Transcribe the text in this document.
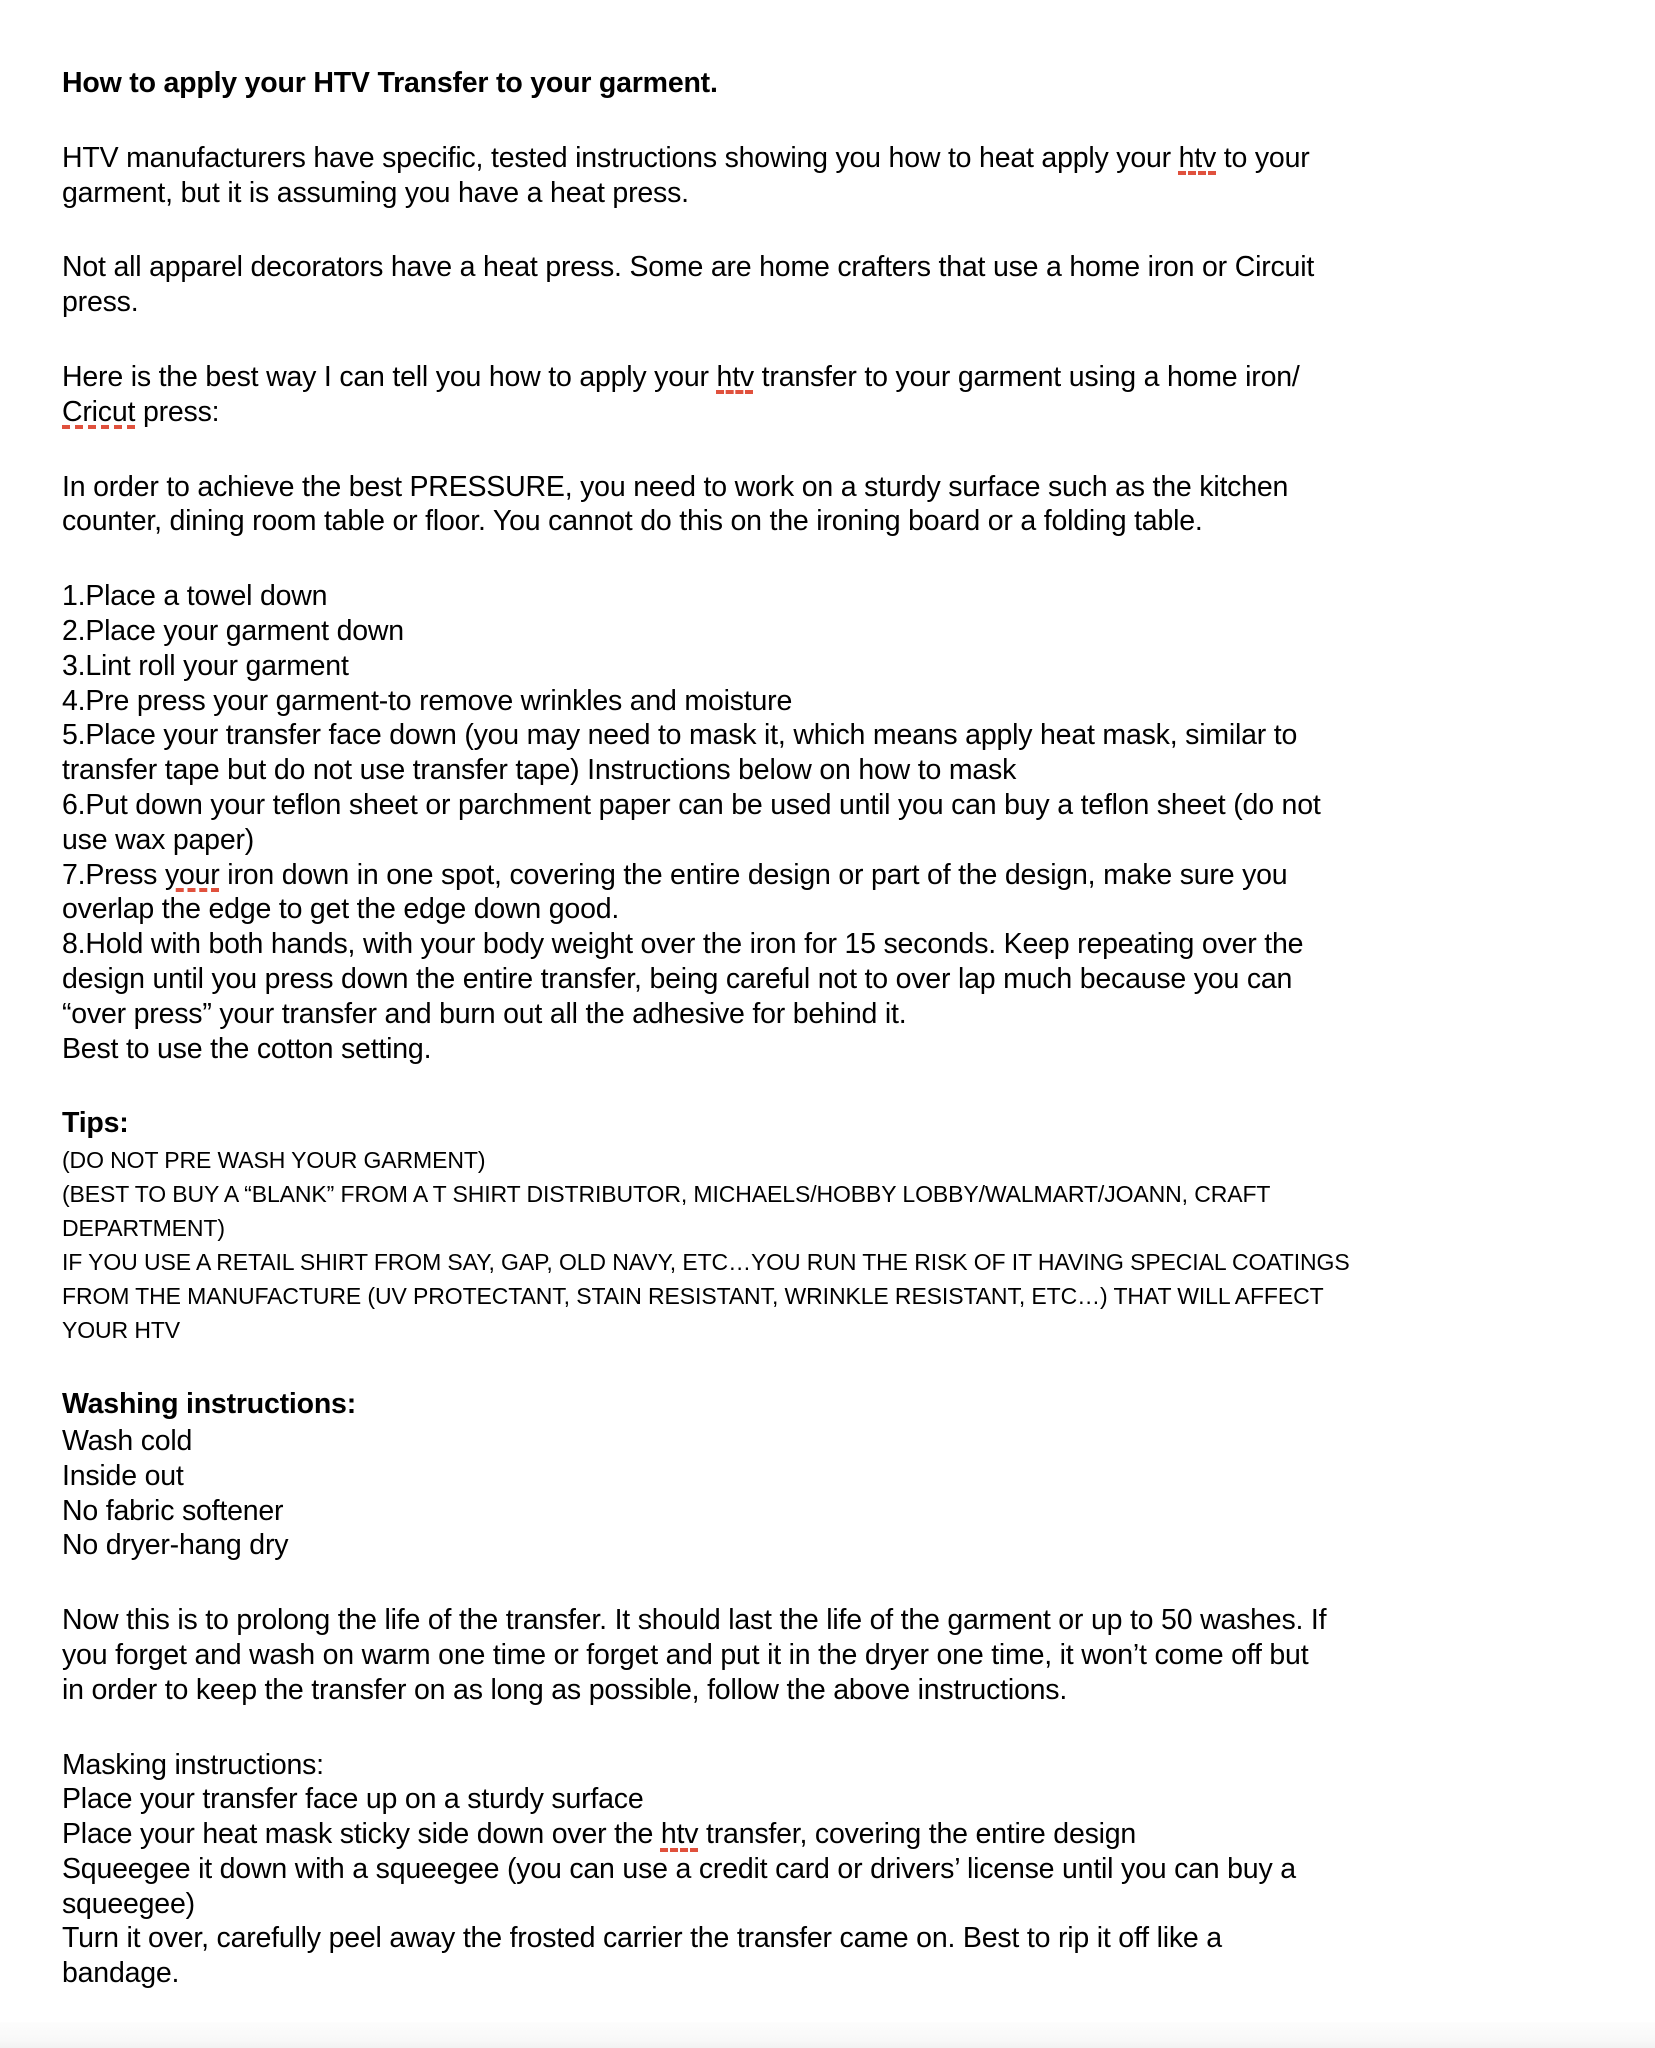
How to apply your HTV Transfer to your garment.
HTV manufacturers have specific, tested instructions showing you how to heat apply your htv to your
garment, but it is assuming you have a heat press.
Not all apparel decorators have a heat press. Some are home crafters that use a home iron or Circuit
press.
Here is the best way I can tell you how to apply your htv transfer to your garment using a home iron/
Cricut press:
In order to achieve the best PRESSURE, you need to work on a sturdy surface such as the kitchen
counter, dining room table or floor. You cannot do this on the ironing board or a folding table.
1.Place a towel down
2.Place your garment down
3.Lint roll your garment
4.Pre press your garment-to remove wrinkles and moisture
5.Place your transfer face down (you may need to mask it, which means apply heat mask, similar to
transfer tape but do not use transfer tape) Instructions below on how to mask
6.Put down your teflon sheet or parchment paper can be used until you can buy a teflon sheet (do not
use wax paper)
7.Press your iron down in one spot, covering the entire design or part of the design, make sure you
overlap the edge to get the edge down good.
8.Hold with both hands, with your body weight over the iron for 15 seconds. Keep repeating over the
design until you press down the entire transfer, being careful not to over lap much because you can
“over press” your transfer and burn out all the adhesive for behind it.
Best to use the cotton setting.
Tips:
(DO NOT PRE WASH YOUR GARMENT)
(BEST TO BUY A “BLANK” FROM A T SHIRT DISTRIBUTOR, MICHAELS/HOBBY LOBBY/WALMART/JOANN, CRAFT
DEPARTMENT)
IF YOU USE A RETAIL SHIRT FROM SAY, GAP, OLD NAVY, ETC…YOU RUN THE RISK OF IT HAVING SPECIAL COATINGS
FROM THE MANUFACTURE (UV PROTECTANT, STAIN RESISTANT, WRINKLE RESISTANT, ETC…) THAT WILL AFFECT
YOUR HTV
Washing instructions:
Wash cold
Inside out
No fabric softener
No dryer-hang dry
Now this is to prolong the life of the transfer. It should last the life of the garment or up to 50 washes. If
you forget and wash on warm one time or forget and put it in the dryer one time, it won’t come off but
in order to keep the transfer on as long as possible, follow the above instructions.
Masking instructions:
Place your transfer face up on a sturdy surface
Place your heat mask sticky side down over the htv transfer, covering the entire design
Squeegee it down with a squeegee (you can use a credit card or drivers’ license until you can buy a
squeegee)
Turn it over, carefully peel away the frosted carrier the transfer came on. Best to rip it off like a
bandage.
